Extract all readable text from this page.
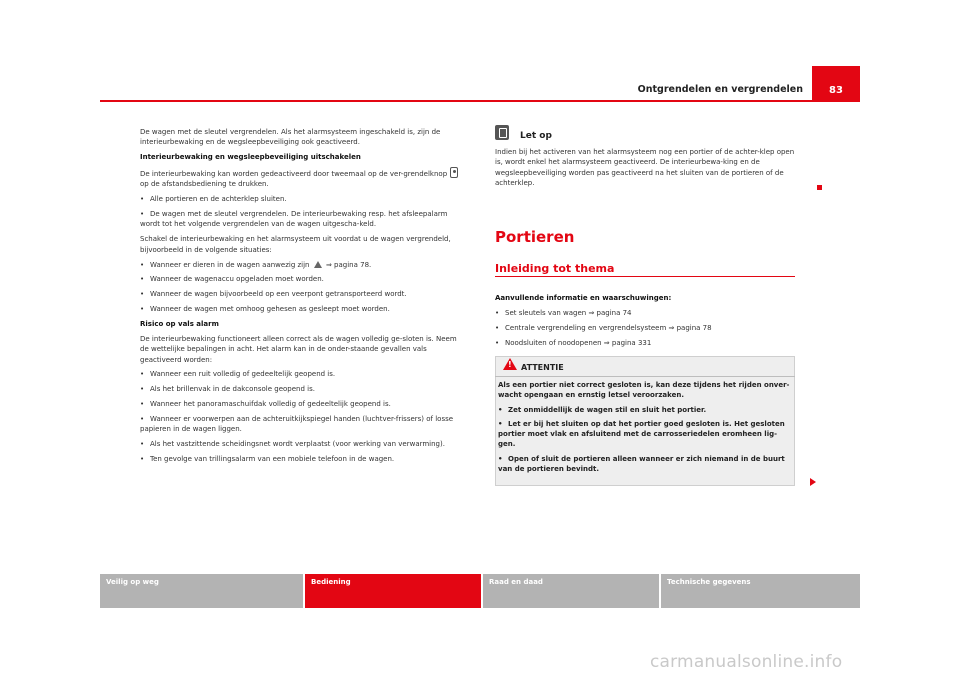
Ontgrendelen en vergrendelen	83

De wagen met de sleutel vergrendelen. Als het alarmsysteem ingeschakeld is, zijn de interieurbewaking en de wegsleepbeveiliging ook geactiveerd.

Interieurbewaking en wegsleepbeveiliging uitschakelen

De interieurbewaking kan worden gedeactiveerd door tweemaal op de ver-grendelknop  op de afstandsbediening te drukken.

• Alle portieren en de achterklep sluiten.

• De wagen met de sleutel vergrendelen. De interieurbewaking resp. het afsleepalarm wordt tot het volgende vergrendelen van de wagen uitgescha-keld.

Schakel de interieurbewaking en het alarmsysteem uit voordat u de wagen vergrendeld, bijvoorbeeld in de volgende situaties:

• Wanneer er dieren in de wagen aanwezig zijn ⇒ pagina 78.

• Wanneer de wagenaccu opgeladen moet worden.

• Wanneer de wagen bijvoorbeeld op een veerpont getransporteerd wordt.

• Wanneer de wagen met omhoog gehesen as gesleept moet worden.

Risico op vals alarm

De interieurbewaking functioneert alleen correct als de wagen volledig ge-sloten is. Neem de wettelijke bepalingen in acht. Het alarm kan in de onder-staande gevallen vals geactiveerd worden:

• Wanneer een ruit volledig of gedeeltelijk geopend is.

• Als het brillenvak in de dakconsole geopend is.

• Wanneer het panoramaschuifdak volledig of gedeeltelijk geopend is.

• Wanneer er voorwerpen aan de achteruitkijkspiegel handen (luchtver-frissers) of losse papieren in de wagen liggen.

• Als het vastzittende scheidingsnet wordt verplaatst (voor werking van verwarming).

• Ten gevolge van trillingsalarm van een mobiele telefoon in de wagen.

Let op
Indien bij het activeren van het alarmsysteem nog een portier of de achter-klep open is, wordt enkel het alarmsysteem geactiveerd. De interieurbewa-king en de wegsleepbeveiliging worden pas geactiveerd na het sluiten van de portieren of de achterklep.
Portieren
Inleiding tot thema

Aanvullende informatie en waarschuwingen:

• Set sleutels van wagen ⇒ pagina 74

• Centrale vergrendeling en vergrendelsysteem ⇒ pagina 78

• Noodsluiten of noodopenen ⇒ pagina 331

!
ATTENTIE
Als een portier niet correct gesloten is, kan deze tijdens het rijden onver-wacht opengaan en ernstig letsel veroorzaken.
• Zet onmiddellijk de wagen stil en sluit het portier.
• Let er bij het sluiten op dat het portier goed gesloten is. Het gesloten portier moet vlak en afsluitend met de carrosseriedelen eromheen lig-gen.
• Open of sluit de portieren alleen wanneer er zich niemand in de buurt van de portieren bevindt.
Veilig op weg	Bediening	Raad en daad	Technische gegevens
carmanualsonline.info
